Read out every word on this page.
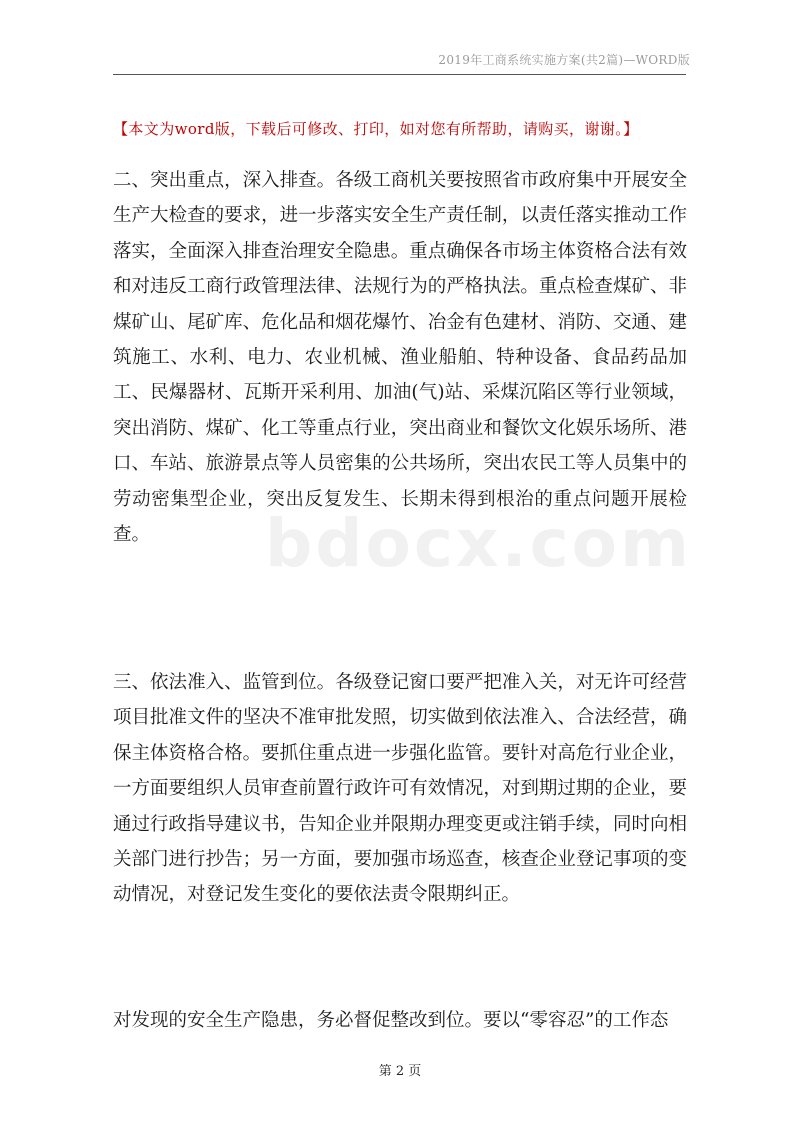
2019年工商系统实施方案(共2篇)—WORD版
【本文为word版，下载后可修改、打印，如对您有所帮助，请购买，谢谢。】

二、突出重点，深入排查。各级工商机关要按照省市政府集中开展安全生产大检查的要求，进一步落实安全生产责任制，以责任落实推动工作落实，全面深入排查治理安全隐患。重点确保各市场主体资格合法有效和对违反工商行政管理法律、法规行为的严格执法。重点检查煤矿、非煤矿山、尾矿库、危化品和烟花爆竹、冶金有色建材、消防、交通、建筑施工、水利、电力、农业机械、渔业船舶、特种设备、食品药品加工、民爆器材、瓦斯开采利用、加油(气)站、采煤沉陷区等行业领域，突出消防、煤矿、化工等重点行业，突出商业和餐饮文化娱乐场所、港口、车站、旅游景点等人员密集的公共场所，突出农民工等人员集中的劳动密集型企业，突出反复发生、长期未得到根治的重点问题开展检查。

三、依法准入、监管到位。各级登记窗口要严把准入关，对无许可经营项目批准文件的坚决不准审批发照，切实做到依法准入、合法经营，确保主体资格合格。要抓住重点进一步强化监管。要针对高危行业企业，一方面要组织人员审查前置行政许可有效情况，对到期过期的企业，要通过行政指导建议书，告知企业并限期办理变更或注销手续，同时向相关部门进行抄告；另一方面，要加强市场巡查，核查企业登记事项的变动情况，对登记发生变化的要依法责令限期纠正。

对发现的安全生产隐患，务必督促整改到位。要以“零容忍”的工作态

bdocx.com
第 2 页
